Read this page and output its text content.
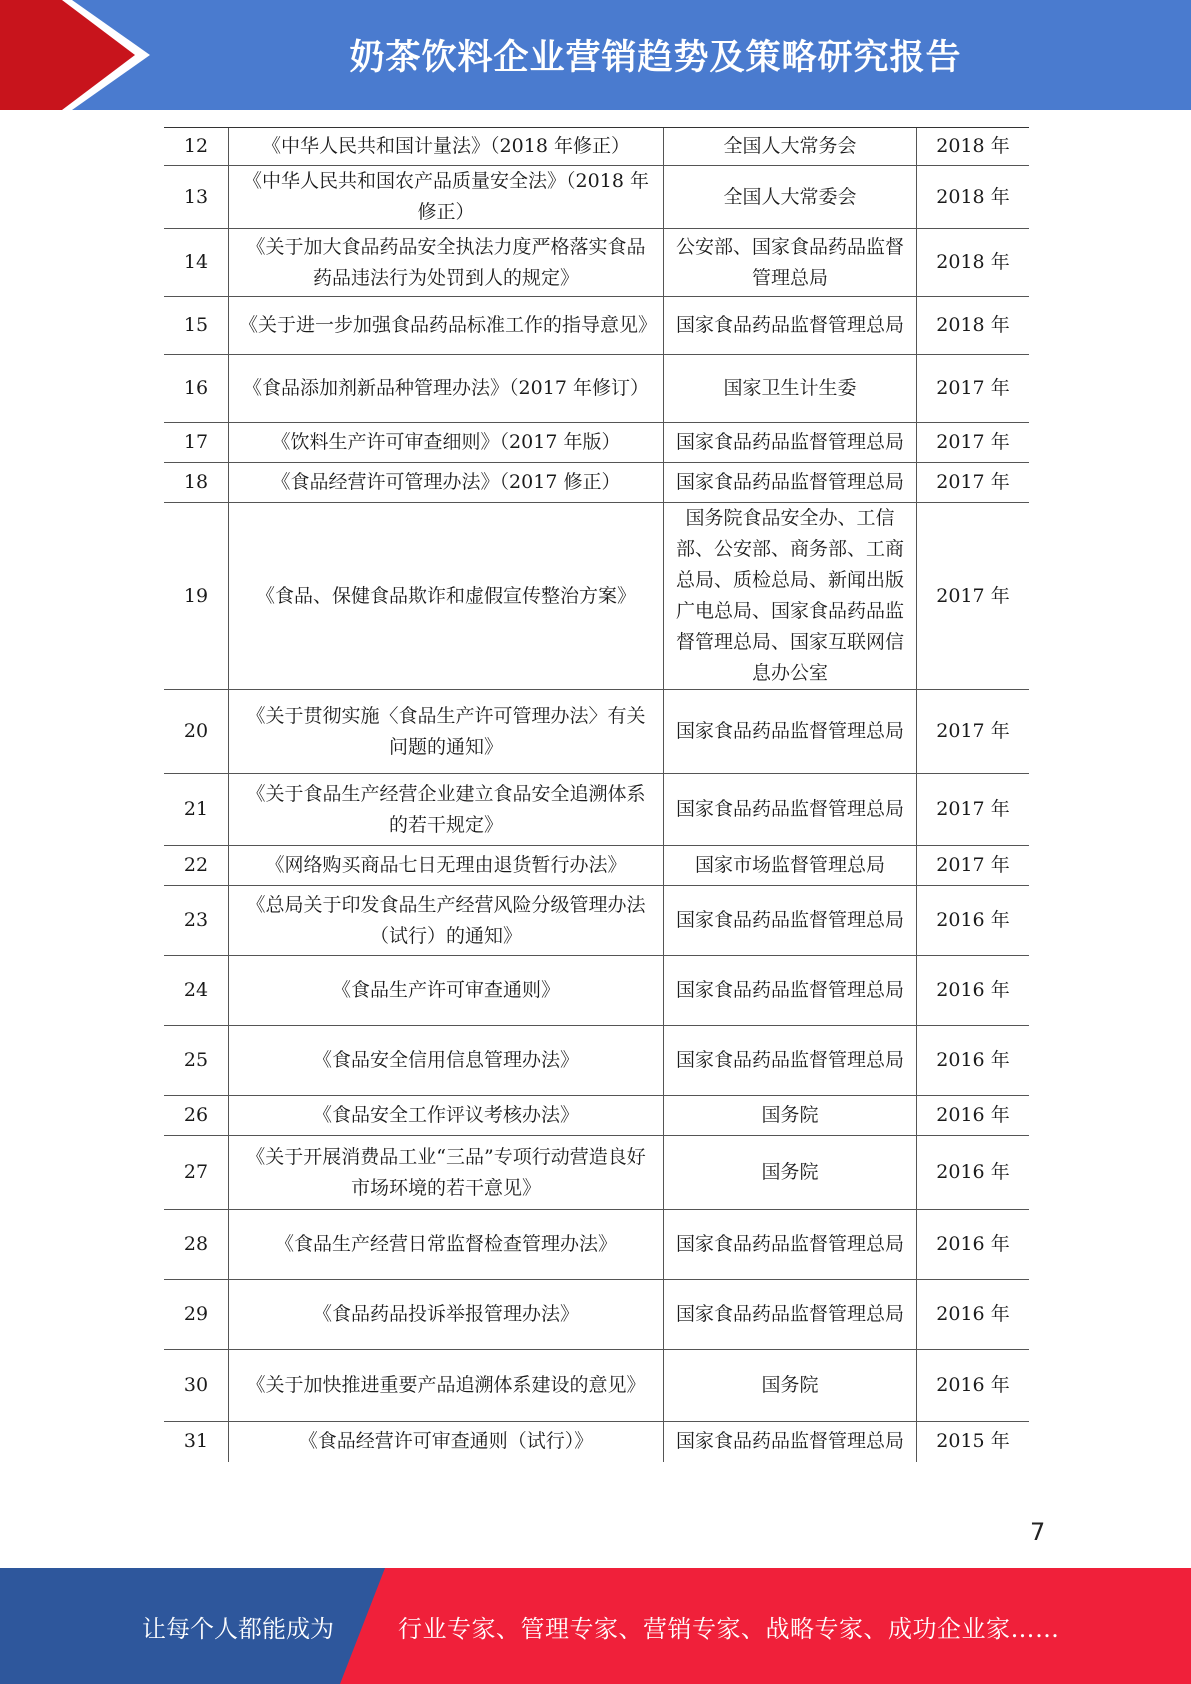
奶茶饮料企业营销趋势及策略研究报告
12	《中华人民共和国计量法》（2018 年修正）	全国人大常务会	2018 年
13	《中华人民共和国农产品质量安全法》（2018 年修正）	全国人大常委会	2018 年
14	《关于加大食品药品安全执法力度严格落实食品药品违法行为处罚到人的规定》	公安部、国家食品药品监督管理总局	2018 年
15	《关于进一步加强食品药品标准工作的指导意见》	国家食品药品监督管理总局	2018 年
16	《食品添加剂新品种管理办法》（2017 年修订）	国家卫生计生委	2017 年
17	《饮料生产许可审查细则》（2017 年版）	国家食品药品监督管理总局	2017 年
18	《食品经营许可管理办法》（2017 修正）	国家食品药品监督管理总局	2017 年
19	《食品、保健食品欺诈和虚假宣传整治方案》	国务院食品安全办、工信部、公安部、商务部、工商总局、质检总局、新闻出版广电总局、国家食品药品监督管理总局、国家互联网信息办公室	2017 年
20	《关于贯彻实施〈食品生产许可管理办法〉有关问题的通知》	国家食品药品监督管理总局	2017 年
21	《关于食品生产经营企业建立食品安全追溯体系的若干规定》	国家食品药品监督管理总局	2017 年
22	《网络购买商品七日无理由退货暂行办法》	国家市场监督管理总局	2017 年
23	《总局关于印发食品生产经营风险分级管理办法（试行）的通知》	国家食品药品监督管理总局	2016 年
24	《食品生产许可审查通则》	国家食品药品监督管理总局	2016 年
25	《食品安全信用信息管理办法》	国家食品药品监督管理总局	2016 年
26	《食品安全工作评议考核办法》	国务院	2016 年
27	《关于开展消费品工业“三品”专项行动营造良好市场环境的若干意见》	国务院	2016 年
28	《食品生产经营日常监督检查管理办法》	国家食品药品监督管理总局	2016 年
29	《食品药品投诉举报管理办法》	国家食品药品监督管理总局	2016 年
30	《关于加快推进重要产品追溯体系建设的意见》	国务院	2016 年
31	《食品经营许可审查通则（试行）》	国家食品药品监督管理总局	2015 年
7
让每个人都能成为	行业专家、管理专家、营销专家、战略专家、成功企业家……
